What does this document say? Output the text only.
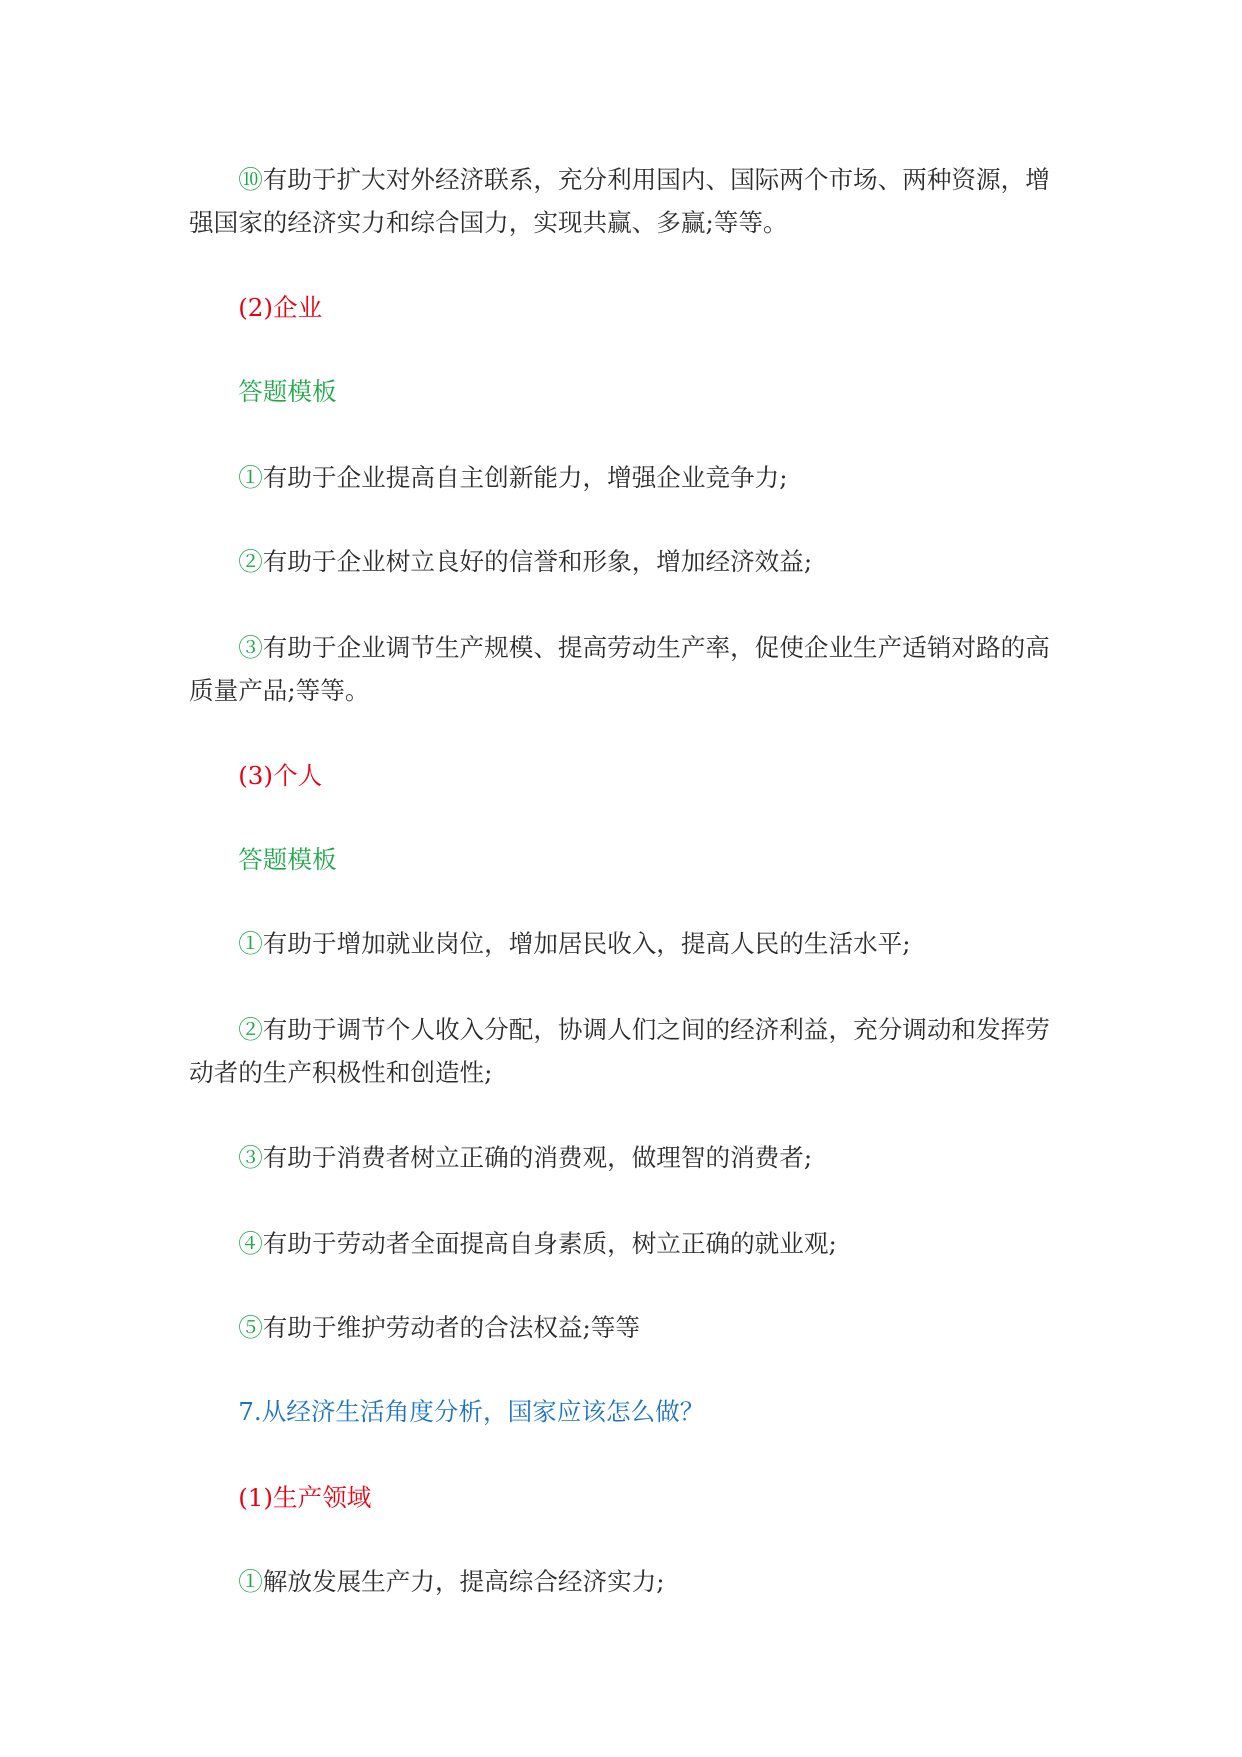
⑩有助于扩大对外经济联系，充分利用国内、国际两个市场、两种资源，增强国家的经济实力和综合国力，实现共赢、多赢;等等。

(2)企业

答题模板

①有助于企业提高自主创新能力，增强企业竞争力;

②有助于企业树立良好的信誉和形象，增加经济效益;

③有助于企业调节生产规模、提高劳动生产率，促使企业生产适销对路的高质量产品;等等。

(3)个人

答题模板

①有助于增加就业岗位，增加居民收入，提高人民的生活水平;

②有助于调节个人收入分配，协调人们之间的经济利益，充分调动和发挥劳动者的生产积极性和创造性;

③有助于消费者树立正确的消费观，做理智的消费者;

④有助于劳动者全面提高自身素质，树立正确的就业观;

⑤有助于维护劳动者的合法权益;等等

7.从经济生活角度分析，国家应该怎么做？

(1)生产领域

①解放发展生产力，提高综合经济实力;
